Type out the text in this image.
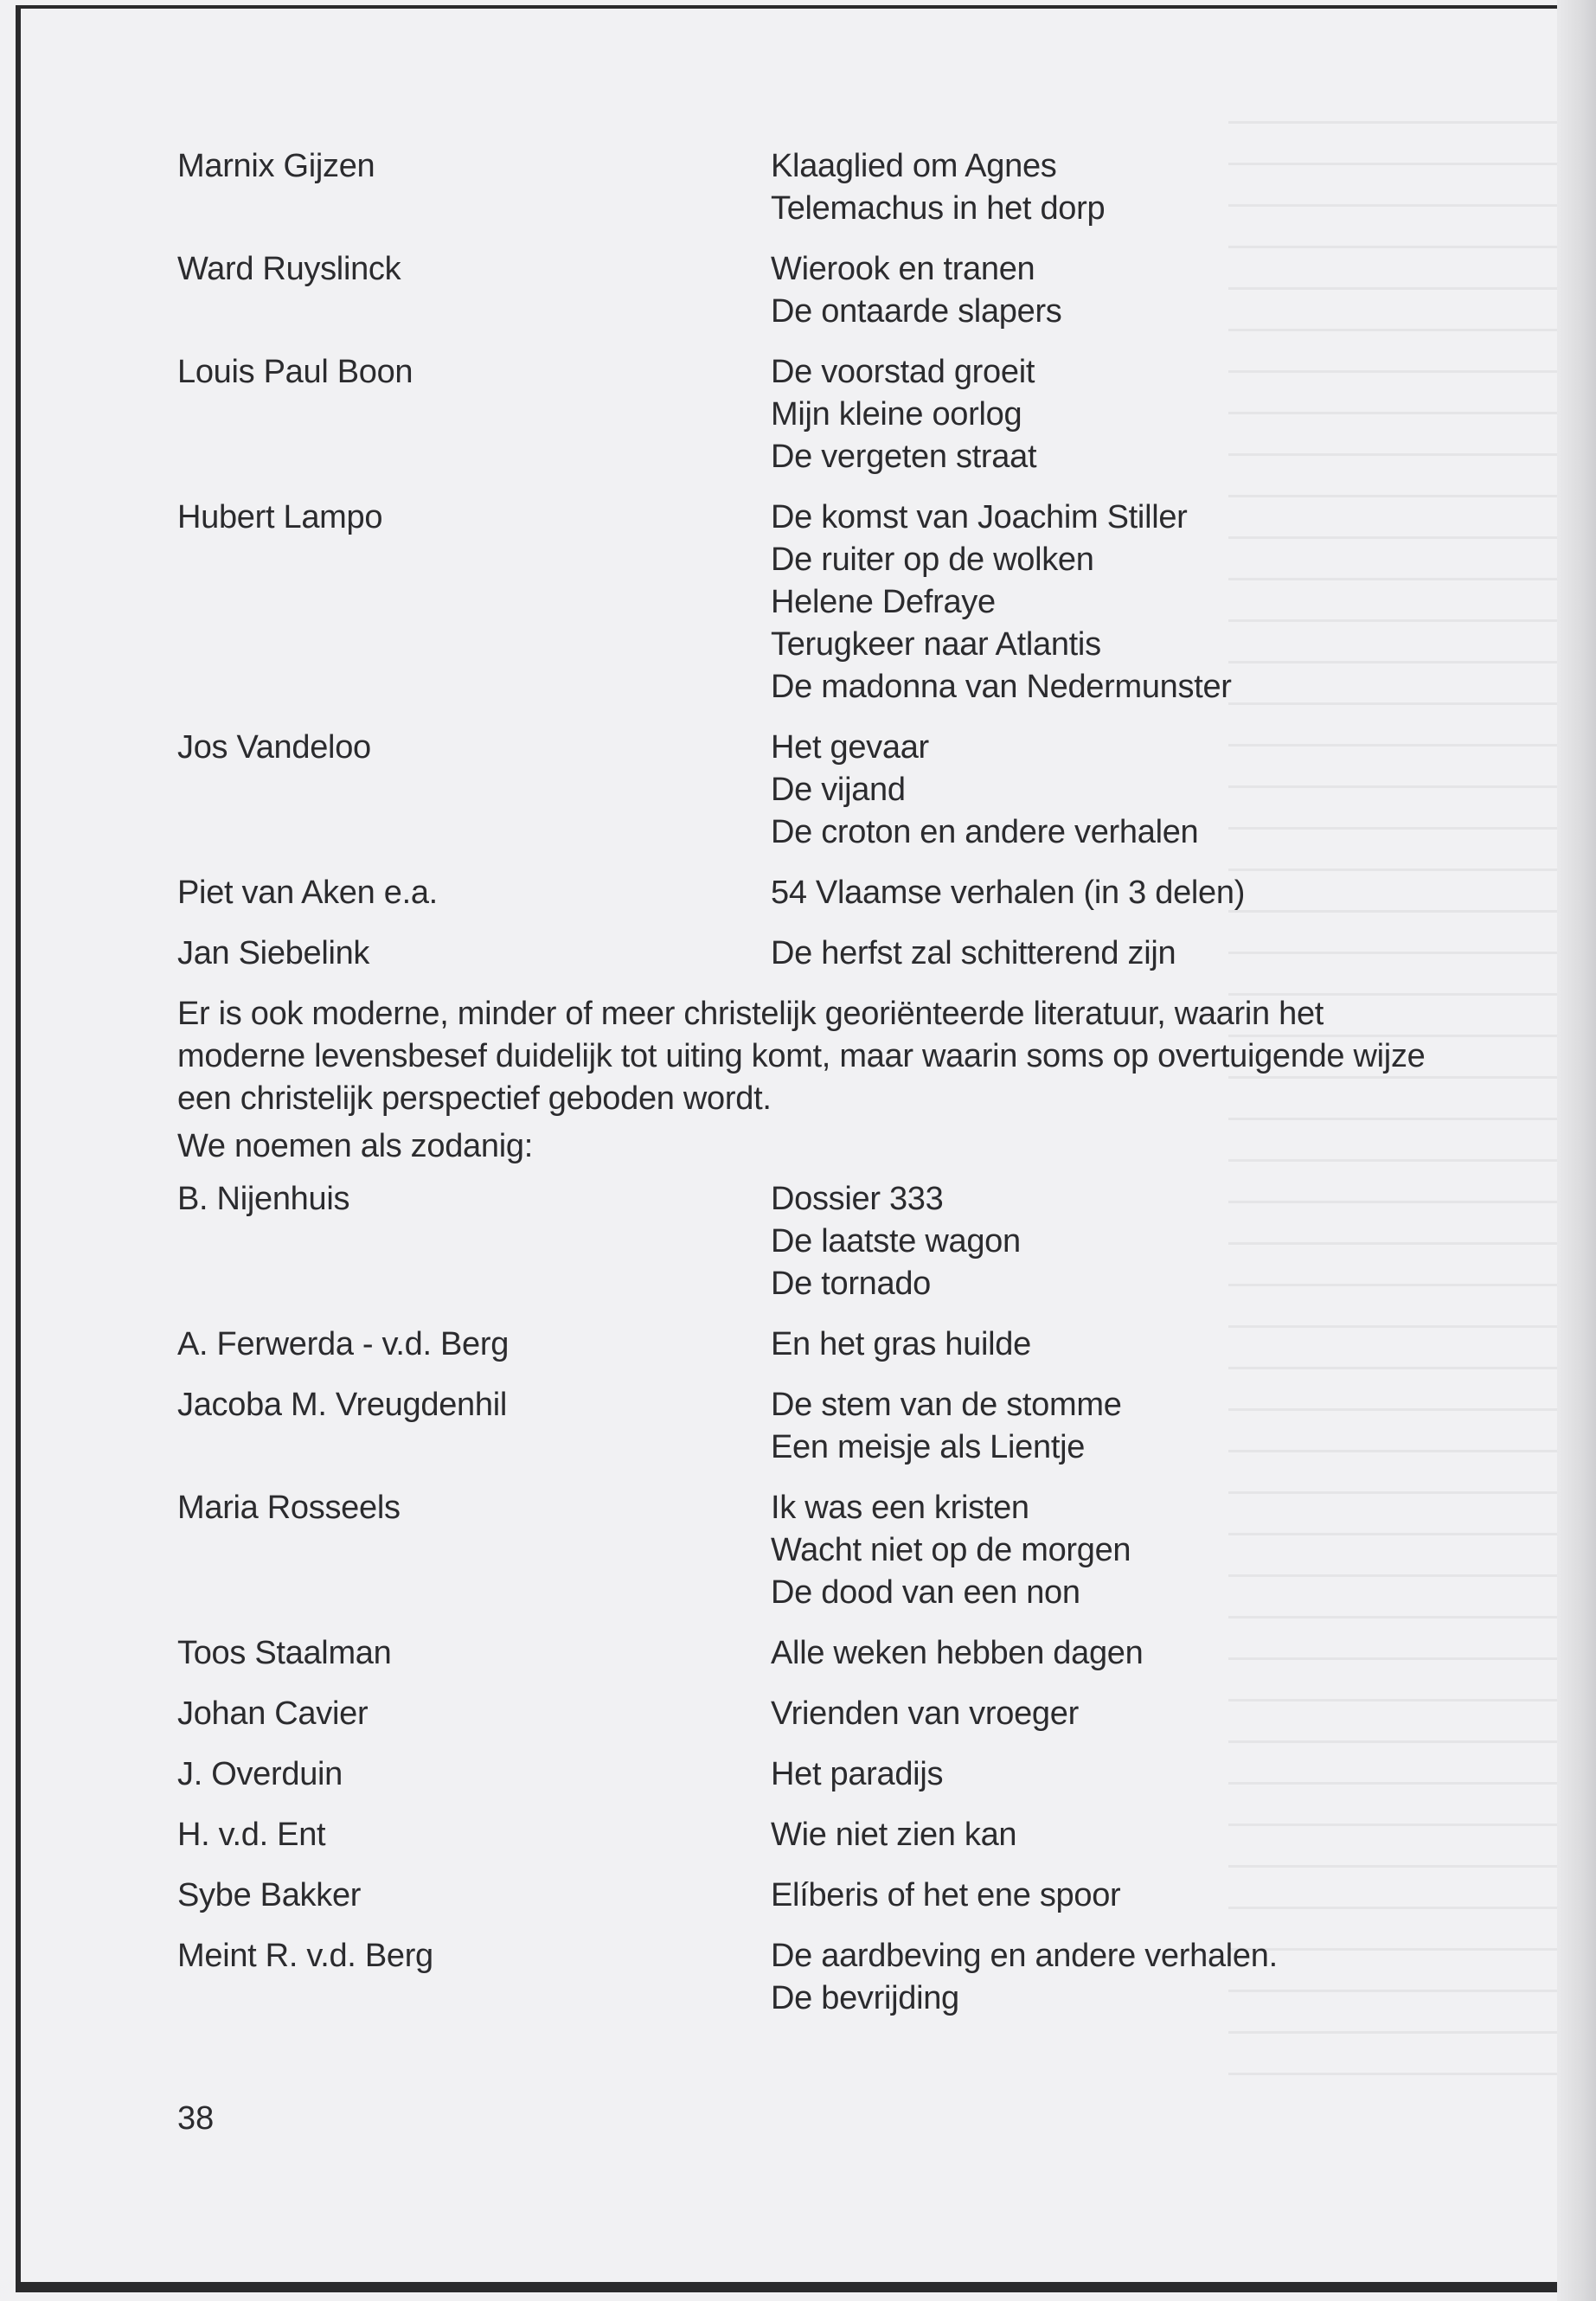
Marnix Gijzen	Klaaglied om Agnes
Telemachus in het dorp
Ward Ruyslinck	Wierook en tranen
De ontaarde slapers
Louis Paul Boon	De voorstad groeit
Mijn kleine oorlog
De vergeten straat
Hubert Lampo	De komst van Joachim Stiller
De ruiter op de wolken
Helene Defraye
Terugkeer naar Atlantis
De madonna van Nedermunster
Jos Vandeloo	Het gevaar
De vijand
De croton en andere verhalen
Piet van Aken e.a.	54 Vlaamse verhalen (in 3 delen)
Jan Siebelink	De herfst zal schitterend zijn

Er is ook moderne, minder of meer christelijk georiënteerde literatuur, waarin het moderne levensbesef duidelijk tot uiting komt, maar waarin soms op overtuigende wijze een christelijk perspectief geboden wordt.

We noemen als zodanig:

B. Nijenhuis	Dossier 333
De laatste wagon
De tornado
A. Ferwerda - v.d. Berg	En het gras huilde
Jacoba M. Vreugdenhil	De stem van de stomme
Een meisje als Lientje
Maria Rosseels	Ik was een kristen
Wacht niet op de morgen
De dood van een non
Toos Staalman	Alle weken hebben dagen
Johan Cavier	Vrienden van vroeger
J. Overduin	Het paradijs
H. v.d. Ent	Wie niet zien kan
Sybe Bakker	Elíberis of het ene spoor
Meint R. v.d. Berg	De aardbeving en andere verhalen.
De bevrijding
38
